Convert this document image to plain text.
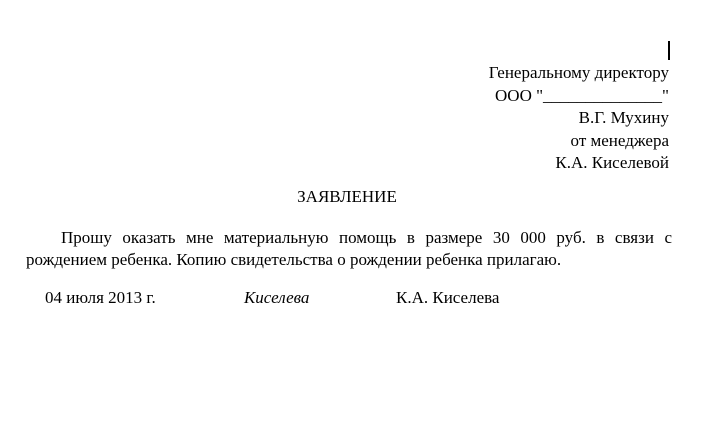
Генеральному директору
ООО "______________"
В.Г. Мухину
от менеджера
К.А. Киселевой
ЗАЯВЛЕНИЕ
Прошу оказать мне материальную помощь в размере 30 000 руб. в связи с рождением ребенка. Копию свидетельства о рождении ребенка прилагаю.
04 июля 2013 г.	Киселева	К.А. Киселева
